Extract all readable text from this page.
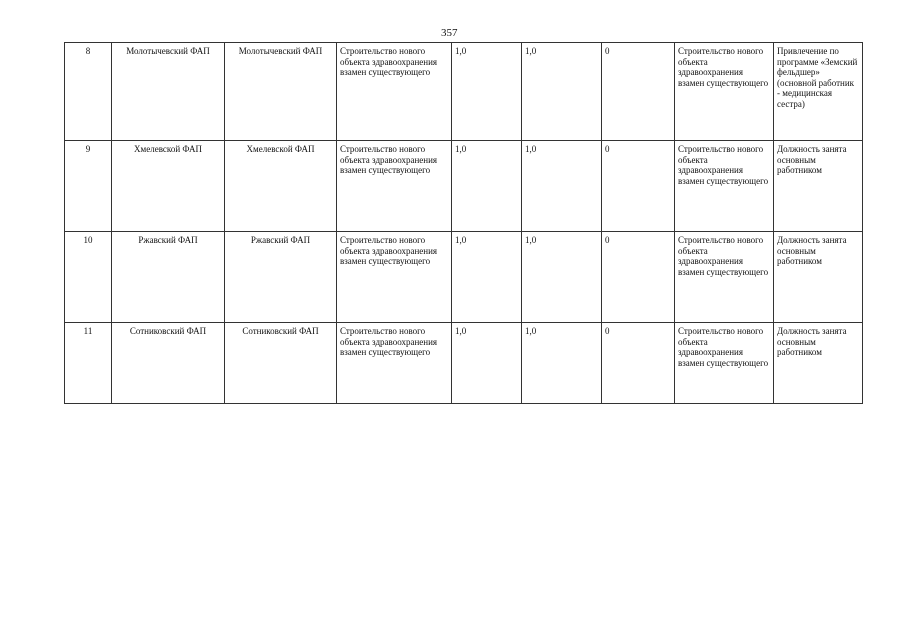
357
8	Молотычевский ФАП	Молотычевский ФАП	Строительство нового объекта здравоохранения взамен существующего	1,0	1,0	0	Строительство нового объекта здравоохранения взамен существующего	Привлечение по программе «Земский фельдшер» (основной работник - медицинская сестра)
9	Хмелевской ФАП	Хмелевской ФАП	Строительство нового объекта здравоохранения взамен существующего	1,0	1,0	0	Строительство нового объекта здравоохранения взамен существующего	Должность занята основным работником
10	Ржавский ФАП	Ржавский ФАП	Строительство нового объекта здравоохранения взамен существующего	1,0	1,0	0	Строительство нового объекта здравоохранения взамен существующего	Должность занята основным работником
11	Сотниковский ФАП	Сотниковский ФАП	Строительство нового объекта здравоохранения взамен существующего	1,0	1,0	0	Строительство нового объекта здравоохранения взамен существующего	Должность занята основным работником
